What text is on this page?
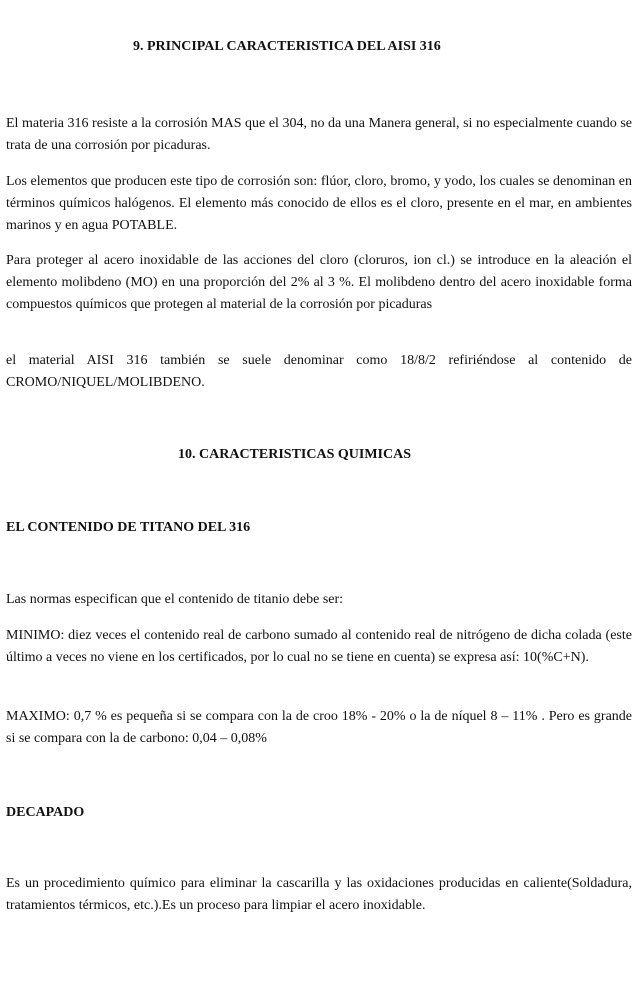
9. PRINCIPAL CARACTERISTICA DEL AISI 316

El materia 316 resiste a la corrosión MAS que el 304, no da una Manera general, si no especialmente cuando se trata de una corrosión por picaduras.

Los elementos que producen este tipo de corrosión son: flúor, cloro, bromo, y yodo, los cuales se denominan en términos químicos halógenos. El elemento más conocido de ellos es el cloro, presente en el mar, en ambientes marinos y en agua POTABLE.

Para proteger al acero inoxidable de las acciones del cloro (cloruros, ion cl.) se introduce en la aleación el elemento molibdeno (MO) en una proporción del 2% al 3 %. El molibdeno dentro del acero inoxidable forma compuestos químicos que protegen al material de la corrosión por picaduras

el material AISI 316 también se suele denominar como 18/8/2 refiriéndose al contenido de CROMO/NIQUEL/MOLIBDENO.

10. CARACTERISTICAS QUIMICAS
EL CONTENIDO DE TITANO DEL 316

Las normas especifican que el contenido de titanio debe ser:

MINIMO: diez veces el contenido real de carbono sumado al contenido real de nitrógeno de dicha colada (este último a veces no viene en los certificados, por lo cual no se tiene en cuenta) se expresa así: 10(%C+N).

MAXIMO: 0,7 % es pequeña si se compara con la de croo 18% - 20% o la de níquel 8 – 11% . Pero es grande si se compara con la de carbono: 0,04 – 0,08%

DECAPADO

Es un procedimiento químico para eliminar la cascarilla y las oxidaciones producidas en caliente(Soldadura, tratamientos térmicos, etc.).Es un proceso para limpiar el acero inoxidable.
